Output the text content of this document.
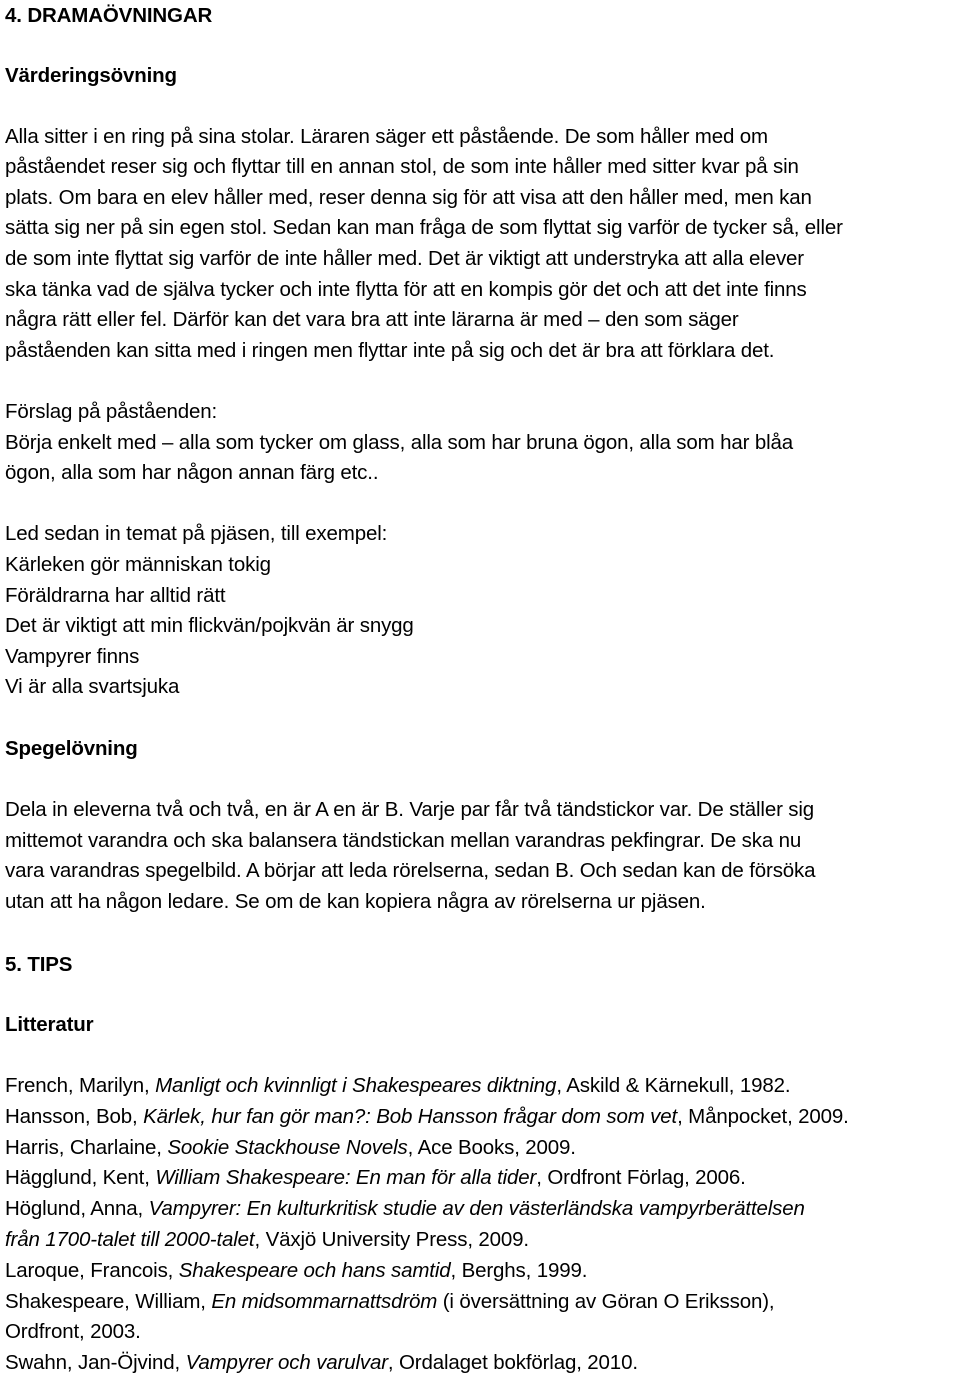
4. DRAMAÖVNINGAR
Värderingsövning
Alla sitter i en ring på sina stolar. Läraren säger ett påstående. De som håller med om
påståendet reser sig och flyttar till en annan stol, de som inte håller med sitter kvar på sin
plats. Om bara en elev håller med, reser denna sig för att visa att den håller med, men kan
sätta sig ner på sin egen stol. Sedan kan man fråga de som flyttat sig varför de tycker så, eller
de som inte flyttat sig varför de inte håller med. Det är viktigt att understryka att alla elever
ska tänka vad de själva tycker och inte flytta för att en kompis gör det och att det inte finns
några rätt eller fel. Därför kan det vara bra att inte lärarna är med – den som säger
påståenden kan sitta med i ringen men flyttar inte på sig och det är bra att förklara det.
Förslag på påståenden:
Börja enkelt med – alla som tycker om glass, alla som har bruna ögon, alla som har blåa
ögon, alla som har någon annan färg etc..
Led sedan in temat på pjäsen, till exempel:
Kärleken gör människan tokig
Föräldrarna har alltid rätt
Det är viktigt att min flickvän/pojkvän är snygg
Vampyrer finns
Vi är alla svartsjuka
Spegelövning
Dela in eleverna två och två, en är A en är B. Varje par får två tändstickor var. De ställer sig
mittemot varandra och ska balansera tändstickan mellan varandras pekfingrar. De ska nu
vara varandras spegelbild. A börjar att leda rörelserna, sedan B. Och sedan kan de försöka
utan att ha någon ledare. Se om de kan kopiera några av rörelserna ur pjäsen.
5. TIPS
Litteratur
French, Marilyn, Manligt och kvinnligt i Shakespeares diktning, Askild & Kärnekull, 1982.
Hansson, Bob, Kärlek, hur fan gör man?: Bob Hansson frågar dom som vet, Månpocket, 2009.
Harris, Charlaine, Sookie Stackhouse Novels, Ace Books, 2009.
Hägglund, Kent, William Shakespeare: En man för alla tider, Ordfront Förlag, 2006.
Höglund, Anna, Vampyrer: En kulturkritisk studie av den västerländska vampyrberättelsen
från 1700-talet till 2000-talet, Växjö University Press, 2009.
Laroque, Francois, Shakespeare och hans samtid, Berghs, 1999.
Shakespeare, William, En midsommarnattsdröm (i översättning av Göran O Eriksson),
Ordfront, 2003.
Swahn, Jan-Öjvind, Vampyrer och varulvar, Ordalaget bokförlag, 2010.
